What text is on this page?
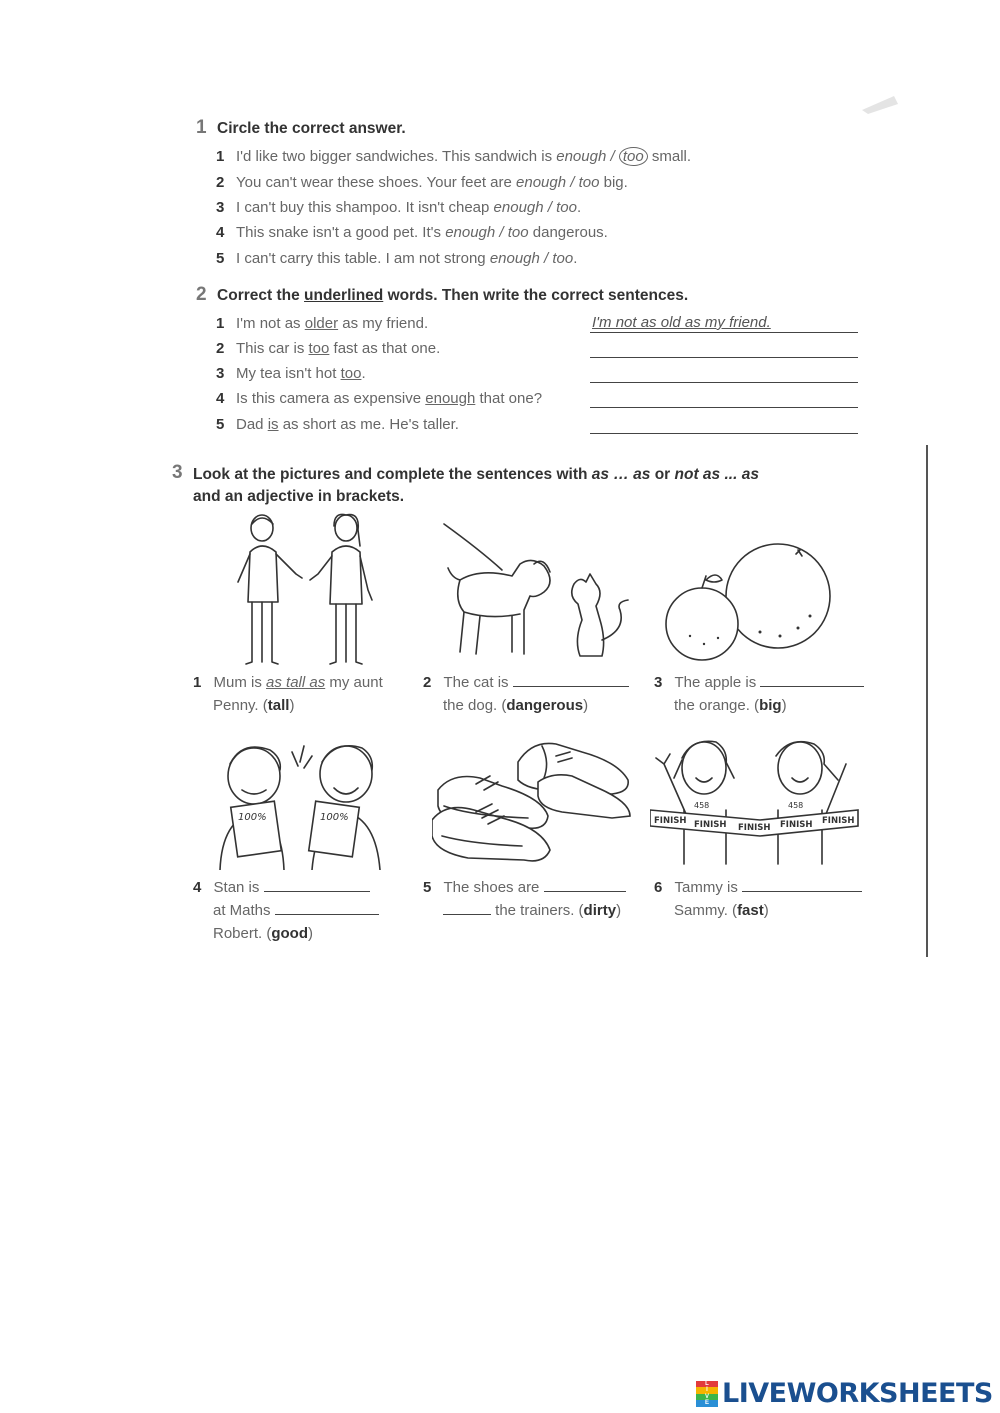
1 Circle the correct answer.
1 I'd like two bigger sandwiches. This sandwich is enough / too small.
2 You can't wear these shoes. Your feet are enough / too big.
3 I can't buy this shampoo. It isn't cheap enough / too.
4 This snake isn't a good pet. It's enough / too dangerous.
5 I can't carry this table. I am not strong enough / too.
2 Correct the underlined words. Then write the correct sentences.
1 I'm not as older as my friend.
2 This car is too fast as that one.
3 My tea isn't hot too.
4 Is this camera as expensive enough that one?
5 Dad is as short as me. He's taller.
I'm not as old as my friend.
3 Look at the pictures and complete the sentences with as … as or not as ... as
and an adjective in brackets.
1 Mum is as tall as my aunt
Penny. (tall)
2 The cat is
the dog. (dangerous)
3 The apple is
the orange. (big)
100%	100%	FINISH FINISH FINISH FINISH FINISH
458	458
4 Stan is
at Maths
Robert. (good)
5 The shoes are
the trainers. (dirty)
6 Tammy is
Sammy. (fast)
L
I
V
E LIVEWORKSHEETS
